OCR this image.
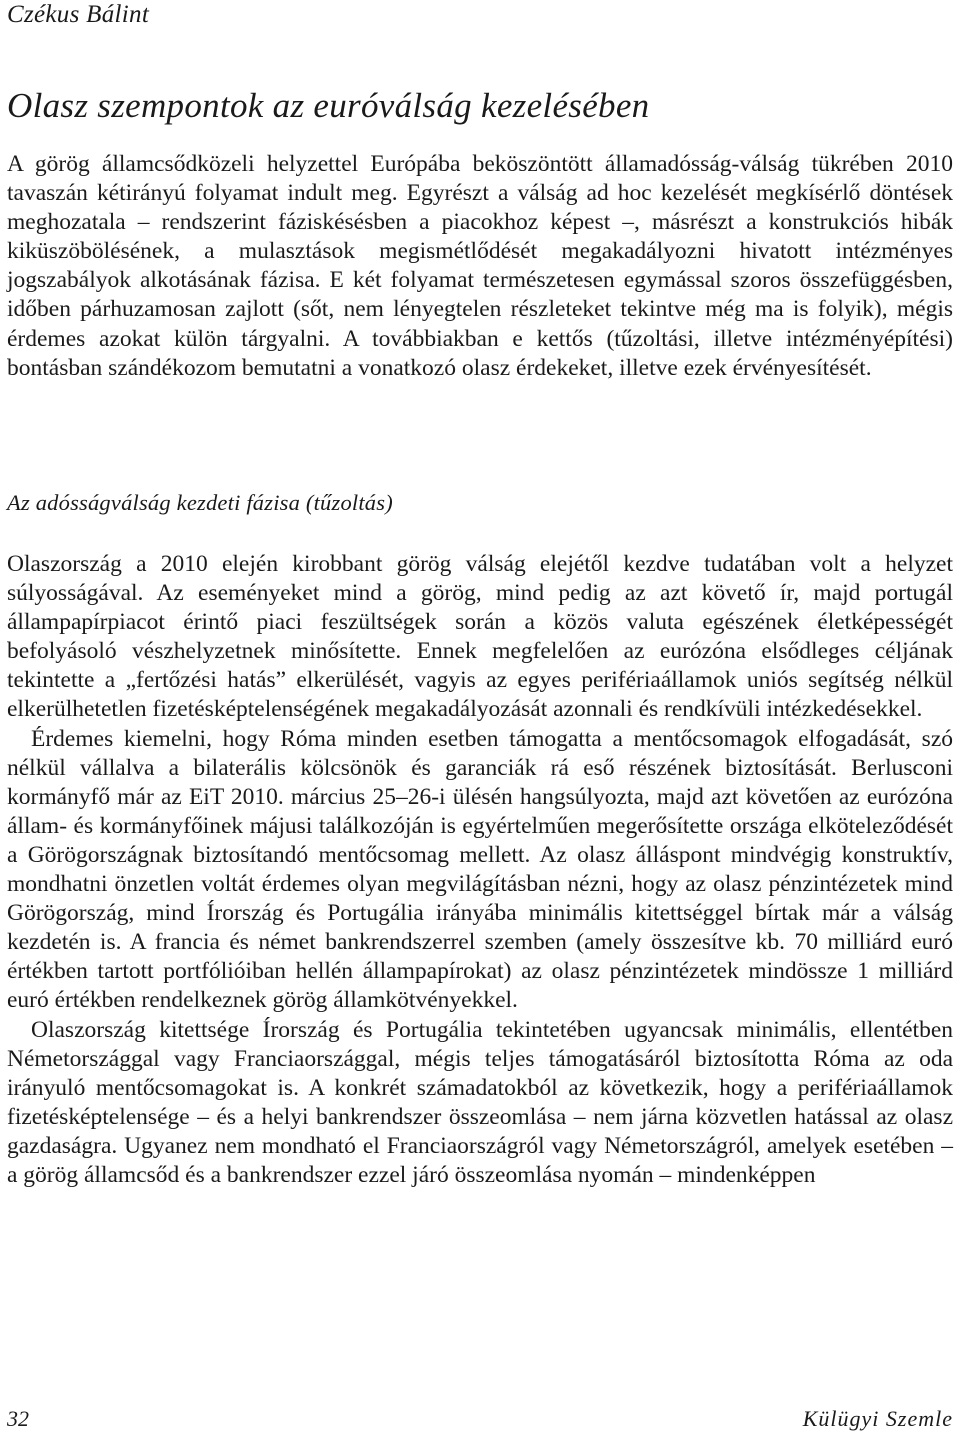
Czékus Bálint
Olasz szempontok az euróválság kezelésében

A görög államcsődközeli helyzettel Európába beköszöntött államadósság-válság tükrében 2010 tavaszán kétirányú folyamat indult meg. Egyrészt a válság ad hoc kezelését megkísérlő döntések meghozatala – rendszerint fáziskésésben a piacokhoz képest –, másrészt a konstrukciós hibák kiküszöbölésének, a mulasztások megismétlődését megakadályozni hivatott intézményes jogszabályok alkotásának fázisa. E két folyamat természetesen egymással szoros összefüggésben, időben párhuzamosan zajlott (sőt, nem lényegtelen részleteket tekintve még ma is folyik), mégis érdemes azokat külön tárgyalni. A továbbiakban e kettős (tűzoltási, illetve intézményépítési) bontásban szándékozom bemutatni a vonatkozó olasz érdekeket, illetve ezek érvényesítését.

Az adósságválság kezdeti fázisa (tűzoltás)

Olaszország a 2010 elején kirobbant görög válság elejétől kezdve tudatában volt a helyzet súlyosságával. Az eseményeket mind a görög, mind pedig az azt követő ír, majd portugál állampapírpiacot érintő piaci feszültségek során a közös valuta egészének életképességét befolyásoló vészhelyzetnek minősítette. Ennek megfelelően az eurózóna elsődleges céljának tekintette a „fertőzési hatás” elkerülését, vagyis az egyes perifériaállamok uniós segítség nélkül elkerülhetetlen fizetésképtelenségének megakadályozását azonnali és rendkívüli intézkedésekkel.

Érdemes kiemelni, hogy Róma minden esetben támogatta a mentőcsomagok elfogadását, szó nélkül vállalva a bilaterális kölcsönök és garanciák rá eső részének biztosítását. Berlusconi kormányfő már az EiT 2010. március 25–26-i ülésén hangsúlyozta, majd azt követően az eurózóna állam- és kormányfőinek májusi találkozóján is egyértelműen megerősítette országa elköteleződését a Görögországnak biztosítandó mentőcsomag mellett. Az olasz álláspont mindvégig konstruktív, mondhatni önzetlen voltát érdemes olyan megvilágításban nézni, hogy az olasz pénzintézetek mind Görögország, mind Írország és Portugália irányába minimális kitettséggel bírtak már a válság kezdetén is. A francia és német bankrendszerrel szemben (amely összesítve kb. 70 milliárd euró értékben tartott portfólióiban hellén állampapírokat) az olasz pénzintézetek mindössze 1 milliárd euró értékben rendelkeznek görög államkötvényekkel.

Olaszország kitettsége Írország és Portugália tekintetében ugyancsak minimális, ellentétben Németországgal vagy Franciaországgal, mégis teljes támogatásáról biztosította Róma az oda irányuló mentőcsomagokat is. A konkrét számadatokból az következik, hogy a perifériaállamok fizetésképtelensége – és a helyi bankrendszer összeomlása – nem járna közvetlen hatással az olasz gazdaságra. Ugyanez nem mondható el Franciaországról vagy Németországról, amelyek esetében – a görög államcsőd és a bankrendszer ezzel járó összeomlása nyomán – mindenképpen

32	Külügyi Szemle
